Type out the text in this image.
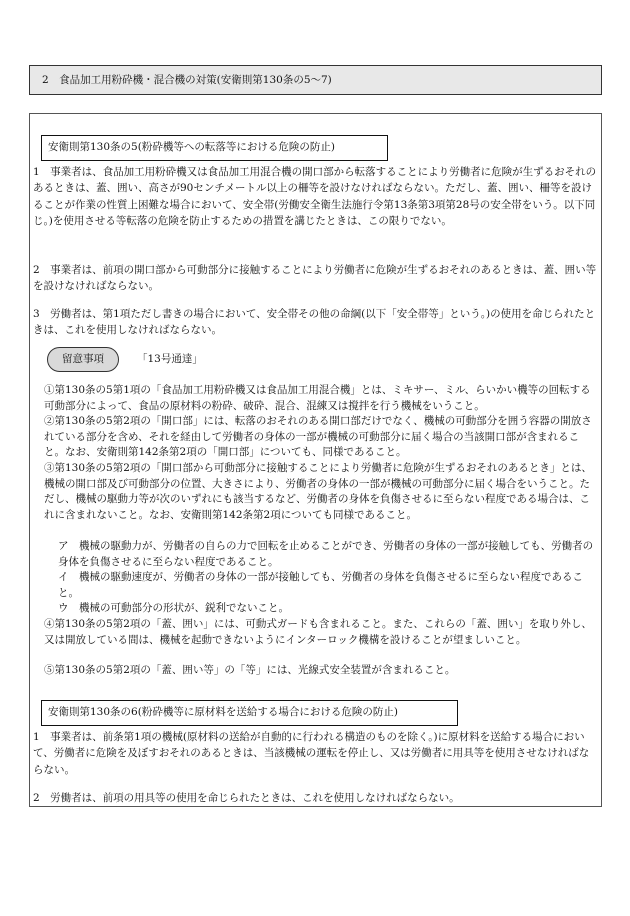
2　食品加工用粉砕機・混合機の対策(安衛則第130条の5〜7)
安衛則第130条の5(粉砕機等への転落等における危険の防止)

1　事業者は、食品加工用粉砕機又は食品加工用混合機の開口部から転落することにより労働者に危険が生ずるおそれのあるときは、蓋、囲い、高さが90センチメートル以上の柵等を設けなければならない。ただし、蓋、囲い、柵等を設けることが作業の性質上困難な場合において、安全帯(労働安全衛生法施行令第13条第3項第28号の安全帯をいう。以下同じ。)を使用させる等転落の危険を防止するための措置を講じたときは、この限りでない。

2　事業者は、前項の開口部から可動部分に接触することにより労働者に危険が生ずるおそれのあるときは、蓋、囲い等を設けなければならない。

3　労働者は、第1項ただし書きの場合において、安全帯その他の命綱(以下「安全帯等」という。)の使用を命じられたときは、これを使用しなければならない。

留意事項	「13号通達」

①第130条の5第1項の「食品加工用粉砕機又は食品加工用混合機」とは、ミキサー、ミル、らいかい機等の回転する可動部分によって、食品の原材料の粉砕、破砕、混合、混練又は撹拌を行う機械をいうこと。

②第130条の5第2項の「開口部」には、転落のおそれのある開口部だけでなく、機械の可動部分を囲う容器の開放されている部分を含め、それを経由して労働者の身体の一部が機械の可動部分に届く場合の当該開口部が含まれること。なお、安衛則第142条第2項の「開口部」についても、同様であること。

③第130条の5第2項の「開口部から可動部分に接触することにより労働者に危険が生ずるおそれのあるとき」とは、機械の開口部及び可動部分の位置、大きさにより、労働者の身体の一部が機械の可動部分に届く場合をいうこと。ただし、機械の駆動力等が次のいずれにも該当するなど、労働者の身体を負傷させるに至らない程度である場合は、これに含まれないこと。なお、安衛則第142条第2項についても同様であること。

ア　機械の駆動力が、労働者の自らの力で回転を止めることができ、労働者の身体の一部が接触しても、労働者の身体を負傷させるに至らない程度であること。

イ　機械の駆動速度が、労働者の身体の一部が接触しても、労働者の身体を負傷させるに至らない程度であること。

ウ　機械の可動部分の形状が、鋭利でないこと。

④第130条の5第2項の「蓋、囲い」には、可動式ガードも含まれること。また、これらの「蓋、囲い」を取り外し、又は開放している間は、機械を起動できないようにインターロック機構を設けることが望ましいこと。

⑤第130条の5第2項の「蓋、囲い等」の「等」には、光線式安全装置が含まれること。

安衛則第130条の6(粉砕機等に原材料を送給する場合における危険の防止)

1　事業者は、前条第1項の機械(原材料の送給が自動的に行われる構造のものを除く。)に原材料を送給する場合において、労働者に危険を及ぼすおそれのあるときは、当該機械の運転を停止し、又は労働者に用具等を使用させなければならない。

2　労働者は、前項の用具等の使用を命じられたときは、これを使用しなければならない。
